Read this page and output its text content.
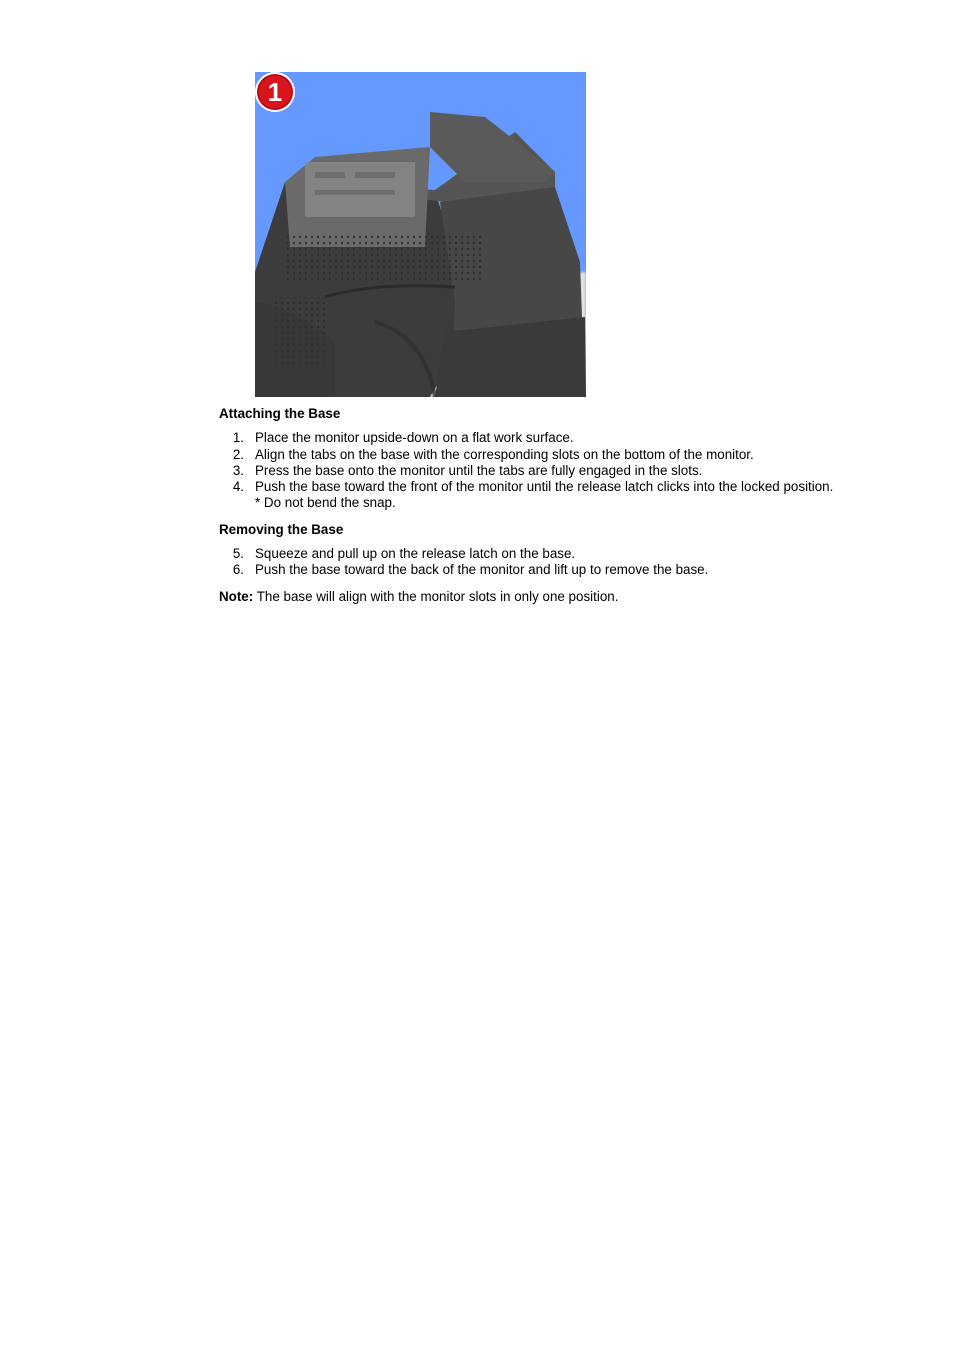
1
Attaching the Base
1. Place the monitor upside-down on a flat work surface.
2. Align the tabs on the base with the corresponding slots on the bottom of the monitor.
3. Press the base onto the monitor until the tabs are fully engaged in the slots.
4. Push the base toward the front of the monitor until the release latch clicks into the locked position.
* Do not bend the snap.
Removing the Base
5. Squeeze and pull up on the release latch on the base.
6. Push the base toward the back of the monitor and lift up to remove the base.
Note: The base will align with the monitor slots in only one position.
